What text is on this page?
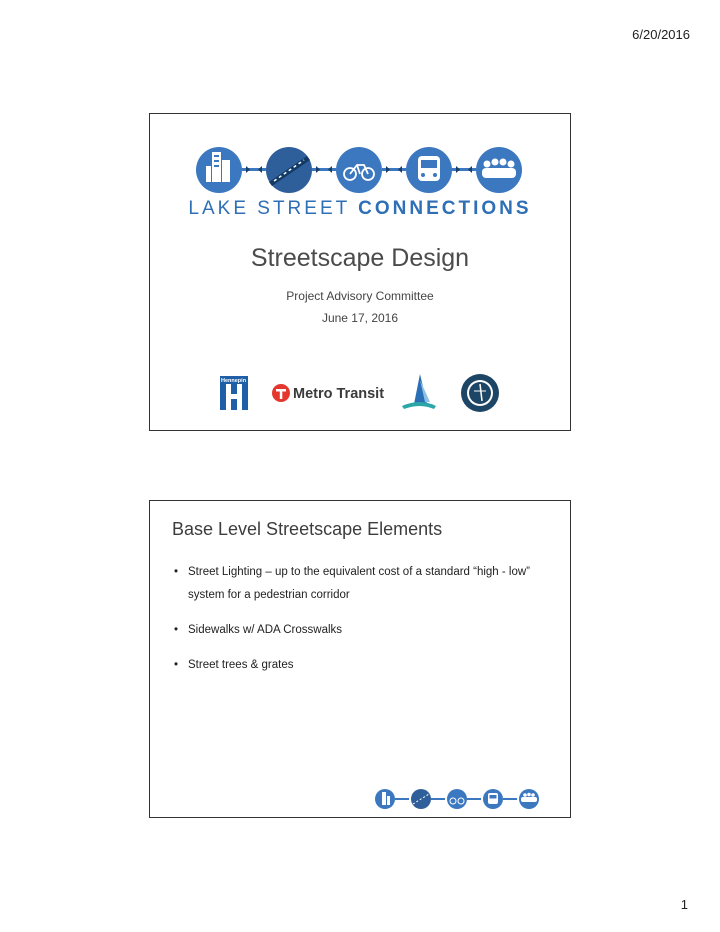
6/20/2016
LAKE STREET CONNECTIONS
Streetscape Design
Project Advisory Committee
June 17, 2016
Hennepin
Metro Transit
Base Level Streetscape Elements
• Street Lighting – up to the equivalent cost of a standard “high - low” system for a pedestrian corridor
• Sidewalks w/ ADA Crosswalks
• Street trees & grates
1
